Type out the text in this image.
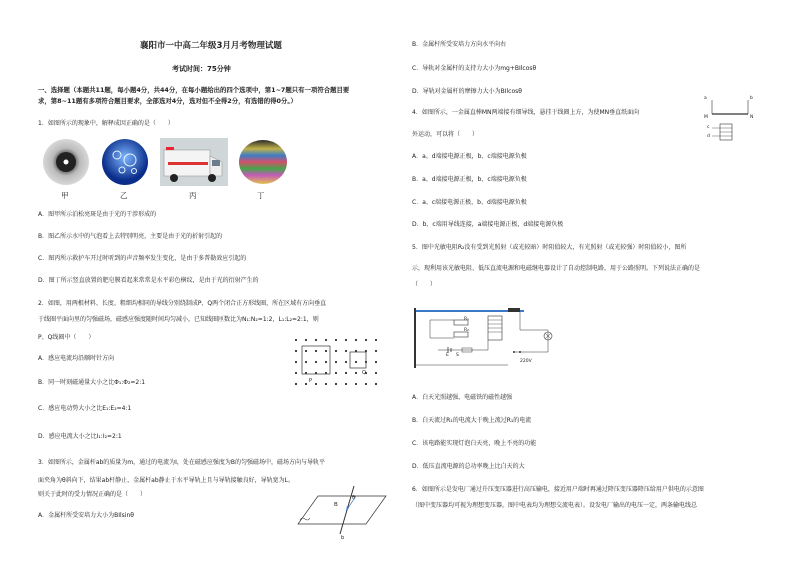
襄阳市一中高二年级3月月考物理试题
考试时间：75分钟
一、选择题（本题共11题，每小题4分，共44分，在每小题给出的四个选项中，第1~7题只有一项符合题目要
求，第8~11题有多项符合题目要求，全部选对4分，选对但不全得2分，有选错的得0分。）
1．如图所示的现象中，解释成因正确的是（　　）
甲	乙	丙	丁
A．图甲所示泊松亮斑是由于光的干涉形成的
B．图乙所示水中的气泡看上去特别明亮，主要是由于光的折射引起的
C．图丙所示救护车开过时听到的声音频率发生变化，是由于多普勒效应引起的
D．图丁所示竖直放置的肥皂膜看起来常常是水平彩色横纹，是由于光的衍射产生的
2．如图，用两根材料、长度、粗细均相同的导线分别绕制成P、Q两个闭合正方形线圈，所在区域有方向垂直
于线圈平面向里的匀强磁场，磁感应强度随时间均匀减小，已知线圈匝数比为N₁:N₂=1:2，L₁:L₂=2:1，则
P、Q线圈中（　　）
A．感应电流均沿顺时针方向
B．同一时刻磁通量大小之比Φ₁:Φ₂=2:1
C．感应电动势大小之比E₁:E₂=4:1
D．感应电流大小之比I₁:I₂=2:1
P
Q
3．如图所示，金属杆ab的质量为m，通过的电流为I，处在磁感应强度为B的匀强磁场中，磁场方向与导轨平
面夹角为θ斜向下，结果ab杆静止，金属杆ab静止于水平导轨上且与导轨接触良好，导轨宽为L。
则关于此时的受力情况正确的是（　　）
A．金属杆所受安培力大小为BIlsinθ
B
θ
b
B．金属杆所受安培力方向水平向右
C．导轨对金属杆的支持力大小为mg+BIlcosθ
D．导轨对金属杆的摩擦力大小为BIlcosθ
4．如图所示，一金属直棒MN两端接有细导线，悬挂于线圈上方，为使MN垂直纸面向
外运动，可以将（　　）
A．a、d端接电源正极，b、c端接电源负极
B．a、d端接电源正极，b、c端接电源负极
C．a、c端接电源正极，b、d端接电源负极
D．b、c端用导线连接，a端接电源正极，d端接电源负极
a	b
M	N
c
d
5．图中光敏电阻R₂没有受到光照射（或光较暗）时阻值较大，有光照射（或光较强）时阻值较小，图所
示，现利用该光敏电阻、低压直流电源和电磁继电器设计了自动控制电路，用于公路照明。下列说法正确的是
（　　）
R₁
R₂
E S
220V
A．白天光照越强，电磁铁的磁性越强
B．白天流过R₁的电流大于晚上流过R₁的电流
C．该电路能实现灯泡白天亮，晚上不亮的功能
D．低压直流电源的总功率晚上比白天的大
6．如图所示是发电厂通过升压变压器进行高压输电，接近用户端时再通过降压变压器降压给用户供电的示意图
（图中变压器均可视为理想变压器，图中电表均为理想交流电表）。设发电厂输出的电压一定，两条输电线总
